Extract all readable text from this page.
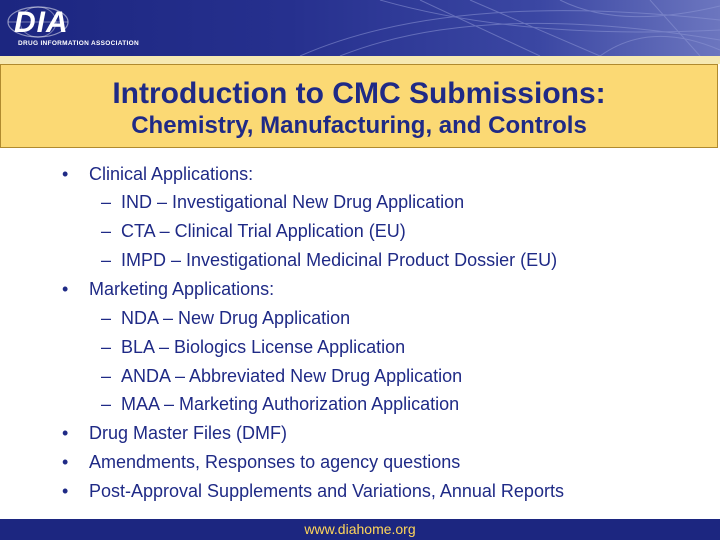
DIA
DRUG INFORMATION ASSOCIATION
Introduction to CMC Submissions:
Chemistry, Manufacturing, and Controls
• Clinical Applications:
– IND – Investigational New Drug Application
– CTA – Clinical Trial Application (EU)
– IMPD – Investigational Medicinal Product Dossier (EU)
• Marketing Applications:
– NDA – New Drug Application
– BLA – Biologics License Application
– ANDA – Abbreviated New Drug Application
– MAA – Marketing Authorization Application
• Drug Master Files (DMF)
• Amendments, Responses to agency questions
• Post-Approval Supplements and Variations, Annual Reports
www.diahome.org
